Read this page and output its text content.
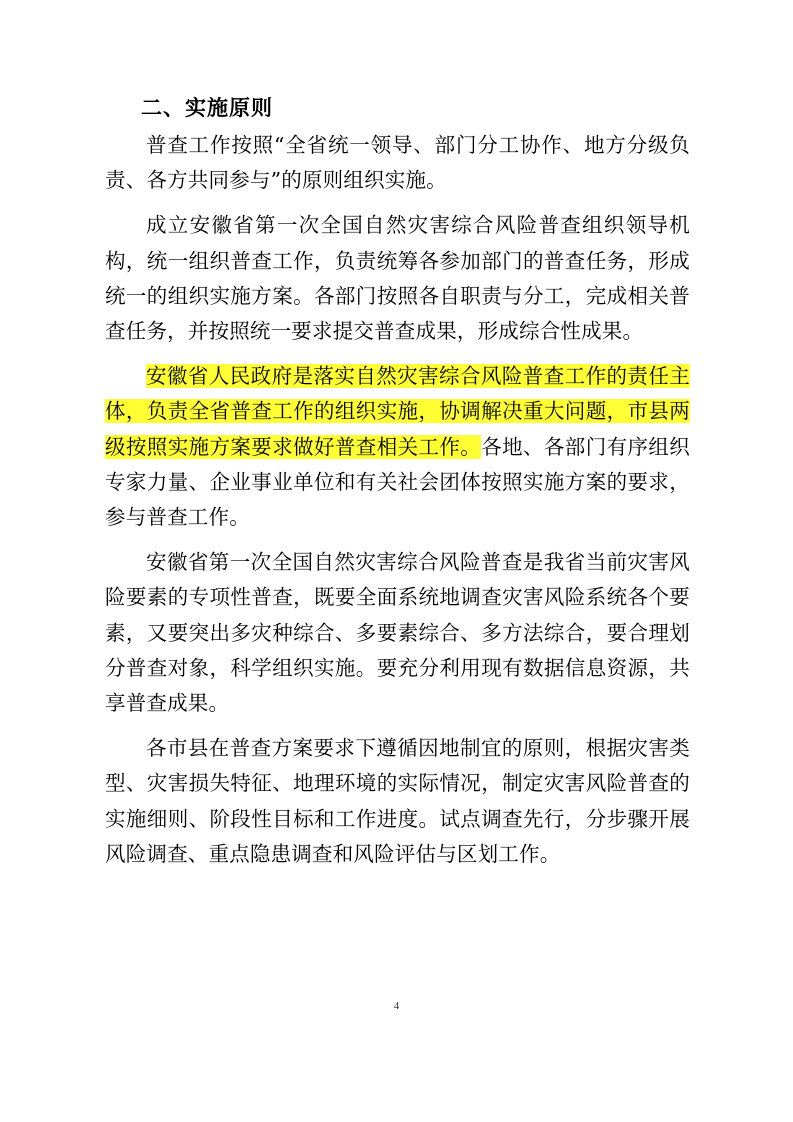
二、实施原则

普查工作按照“全省统一领导、部门分工协作、地方分级负责、各方共同参与”的原则组织实施。

成立安徽省第一次全国自然灾害综合风险普查组织领导机构，统一组织普查工作，负责统筹各参加部门的普查任务，形成统一的组织实施方案。各部门按照各自职责与分工，完成相关普查任务，并按照统一要求提交普查成果，形成综合性成果。

安徽省人民政府是落实自然灾害综合风险普查工作的责任主体，负责全省普查工作的组织实施，协调解决重大问题，市县两级按照实施方案要求做好普查相关工作。各地、各部门有序组织专家力量、企业事业单位和有关社会团体按照实施方案的要求，参与普查工作。

安徽省第一次全国自然灾害综合风险普查是我省当前灾害风险要素的专项性普查，既要全面系统地调查灾害风险系统各个要素，又要突出多灾种综合、多要素综合、多方法综合，要合理划分普查对象，科学组织实施。要充分利用现有数据信息资源，共享普查成果。

各市县在普查方案要求下遵循因地制宜的原则，根据灾害类型、灾害损失特征、地理环境的实际情况，制定灾害风险普查的实施细则、阶段性目标和工作进度。试点调查先行，分步骤开展风险调查、重点隐患调查和风险评估与区划工作。

4
